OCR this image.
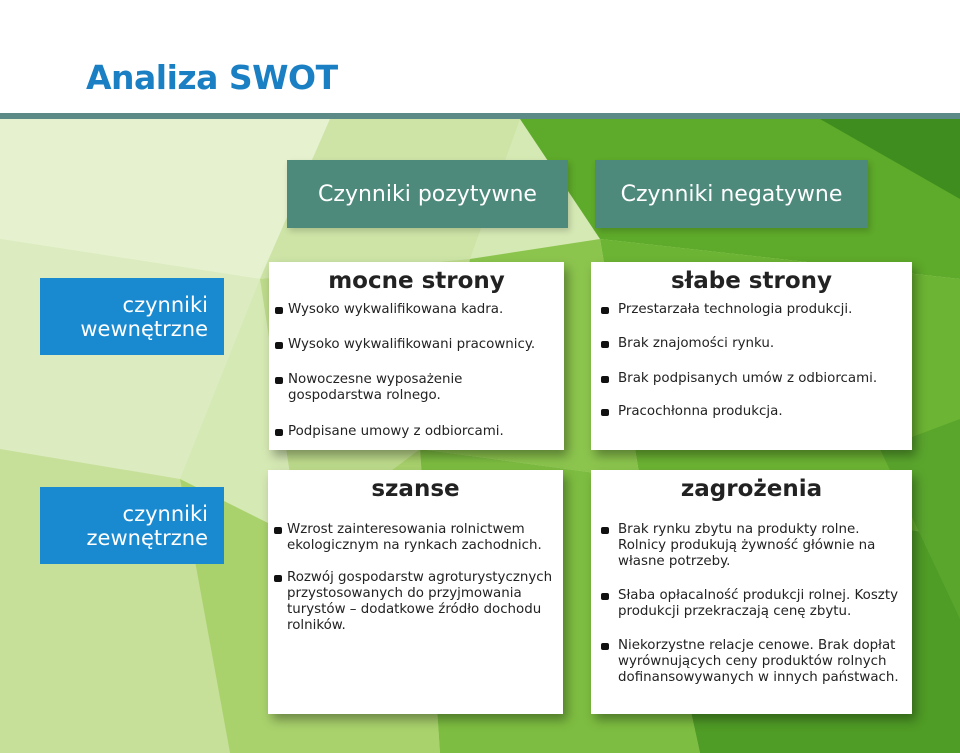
Analiza SWOT
Czynniki pozytywne	Czynniki negatywne
czynniki
wewnętrzne
czynniki
zewnętrzne
mocne strony
Wysoko wykwalifikowana kadra.
Wysoko wykwalifikowani pracownicy.
Nowoczesne wyposażenie gospodarstwa rolnego.
Podpisane umowy z odbiorcami.
słabe strony
Przestarzała technologia produkcji.
Brak znajomości rynku.
Brak podpisanych umów z odbiorcami.
Pracochłonna produkcja.
szanse
Wzrost zainteresowania rolnictwem ekologicznym na rynkach zachodnich.
Rozwój gospodarstw agroturystycznych przystosowanych do przyjmowania turystów – dodatkowe źródło dochodu rolników.
zagrożenia
Brak rynku zbytu na produkty rolne. Rolnicy produkują żywność głównie na własne potrzeby.
Słaba opłacalność produkcji rolnej. Koszty produkcji przekraczają cenę zbytu.
Niekorzystne relacje cenowe. Brak dopłat wyrównujących ceny produktów rolnych dofinansowywanych w innych państwach.
